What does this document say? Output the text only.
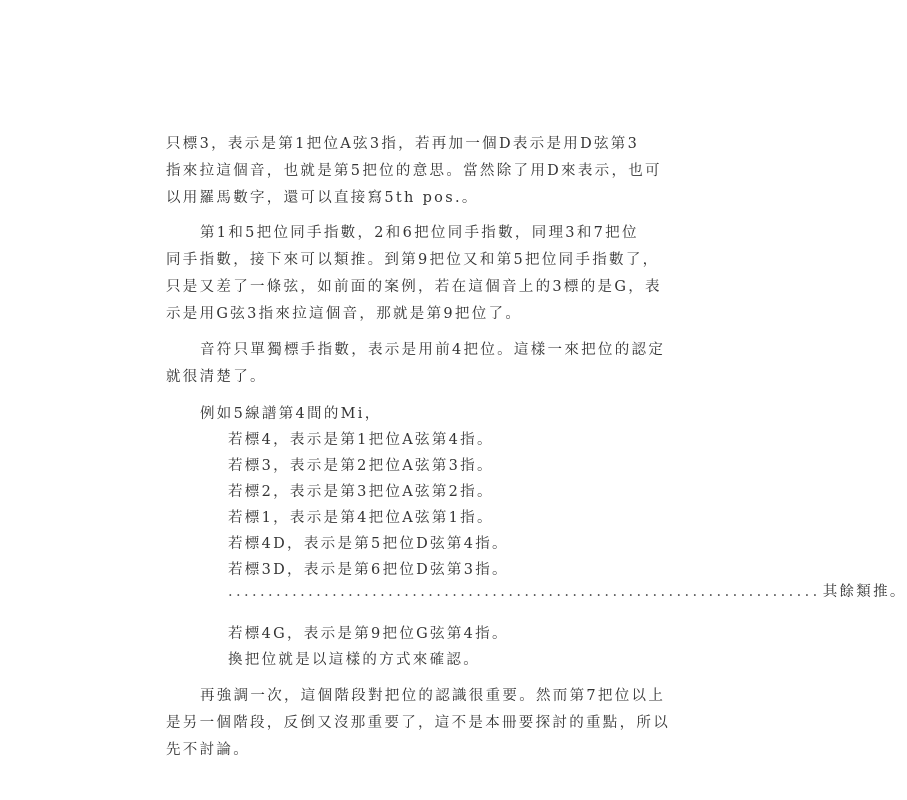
只標3，表示是第1把位A弦3指，若再加一個D表示是用D弦第3
指來拉這個音，也就是第5把位的意思。當然除了用D來表示，也可
以用羅馬數字，還可以直接寫5th pos.。
第1和5把位同手指數，2和6把位同手指數，同理3和7把位
同手指數，接下來可以類推。到第9把位又和第5把位同手指數了，
只是又差了一條弦，如前面的案例，若在這個音上的3標的是G，表
示是用G弦3指來拉這個音，那就是第9把位了。
音符只單獨標手指數，表示是用前4把位。這樣一來把位的認定
就很清楚了。
例如5線譜第4間的Mi，
若標4，表示是第1把位A弦第4指。
若標3，表示是第2把位A弦第3指。
若標2，表示是第3把位A弦第2指。
若標1，表示是第4把位A弦第1指。
若標4D，表示是第5把位D弦第4指。
若標3D，表示是第6把位D弦第3指。
.......................................................................... 其餘類推。
若標4G，表示是第9把位G弦第4指。
換把位就是以這樣的方式來確認。
再強調一次，這個階段對把位的認識很重要。然而第7把位以上
是另一個階段，反倒又沒那重要了，這不是本冊要探討的重點，所以
先不討論。
